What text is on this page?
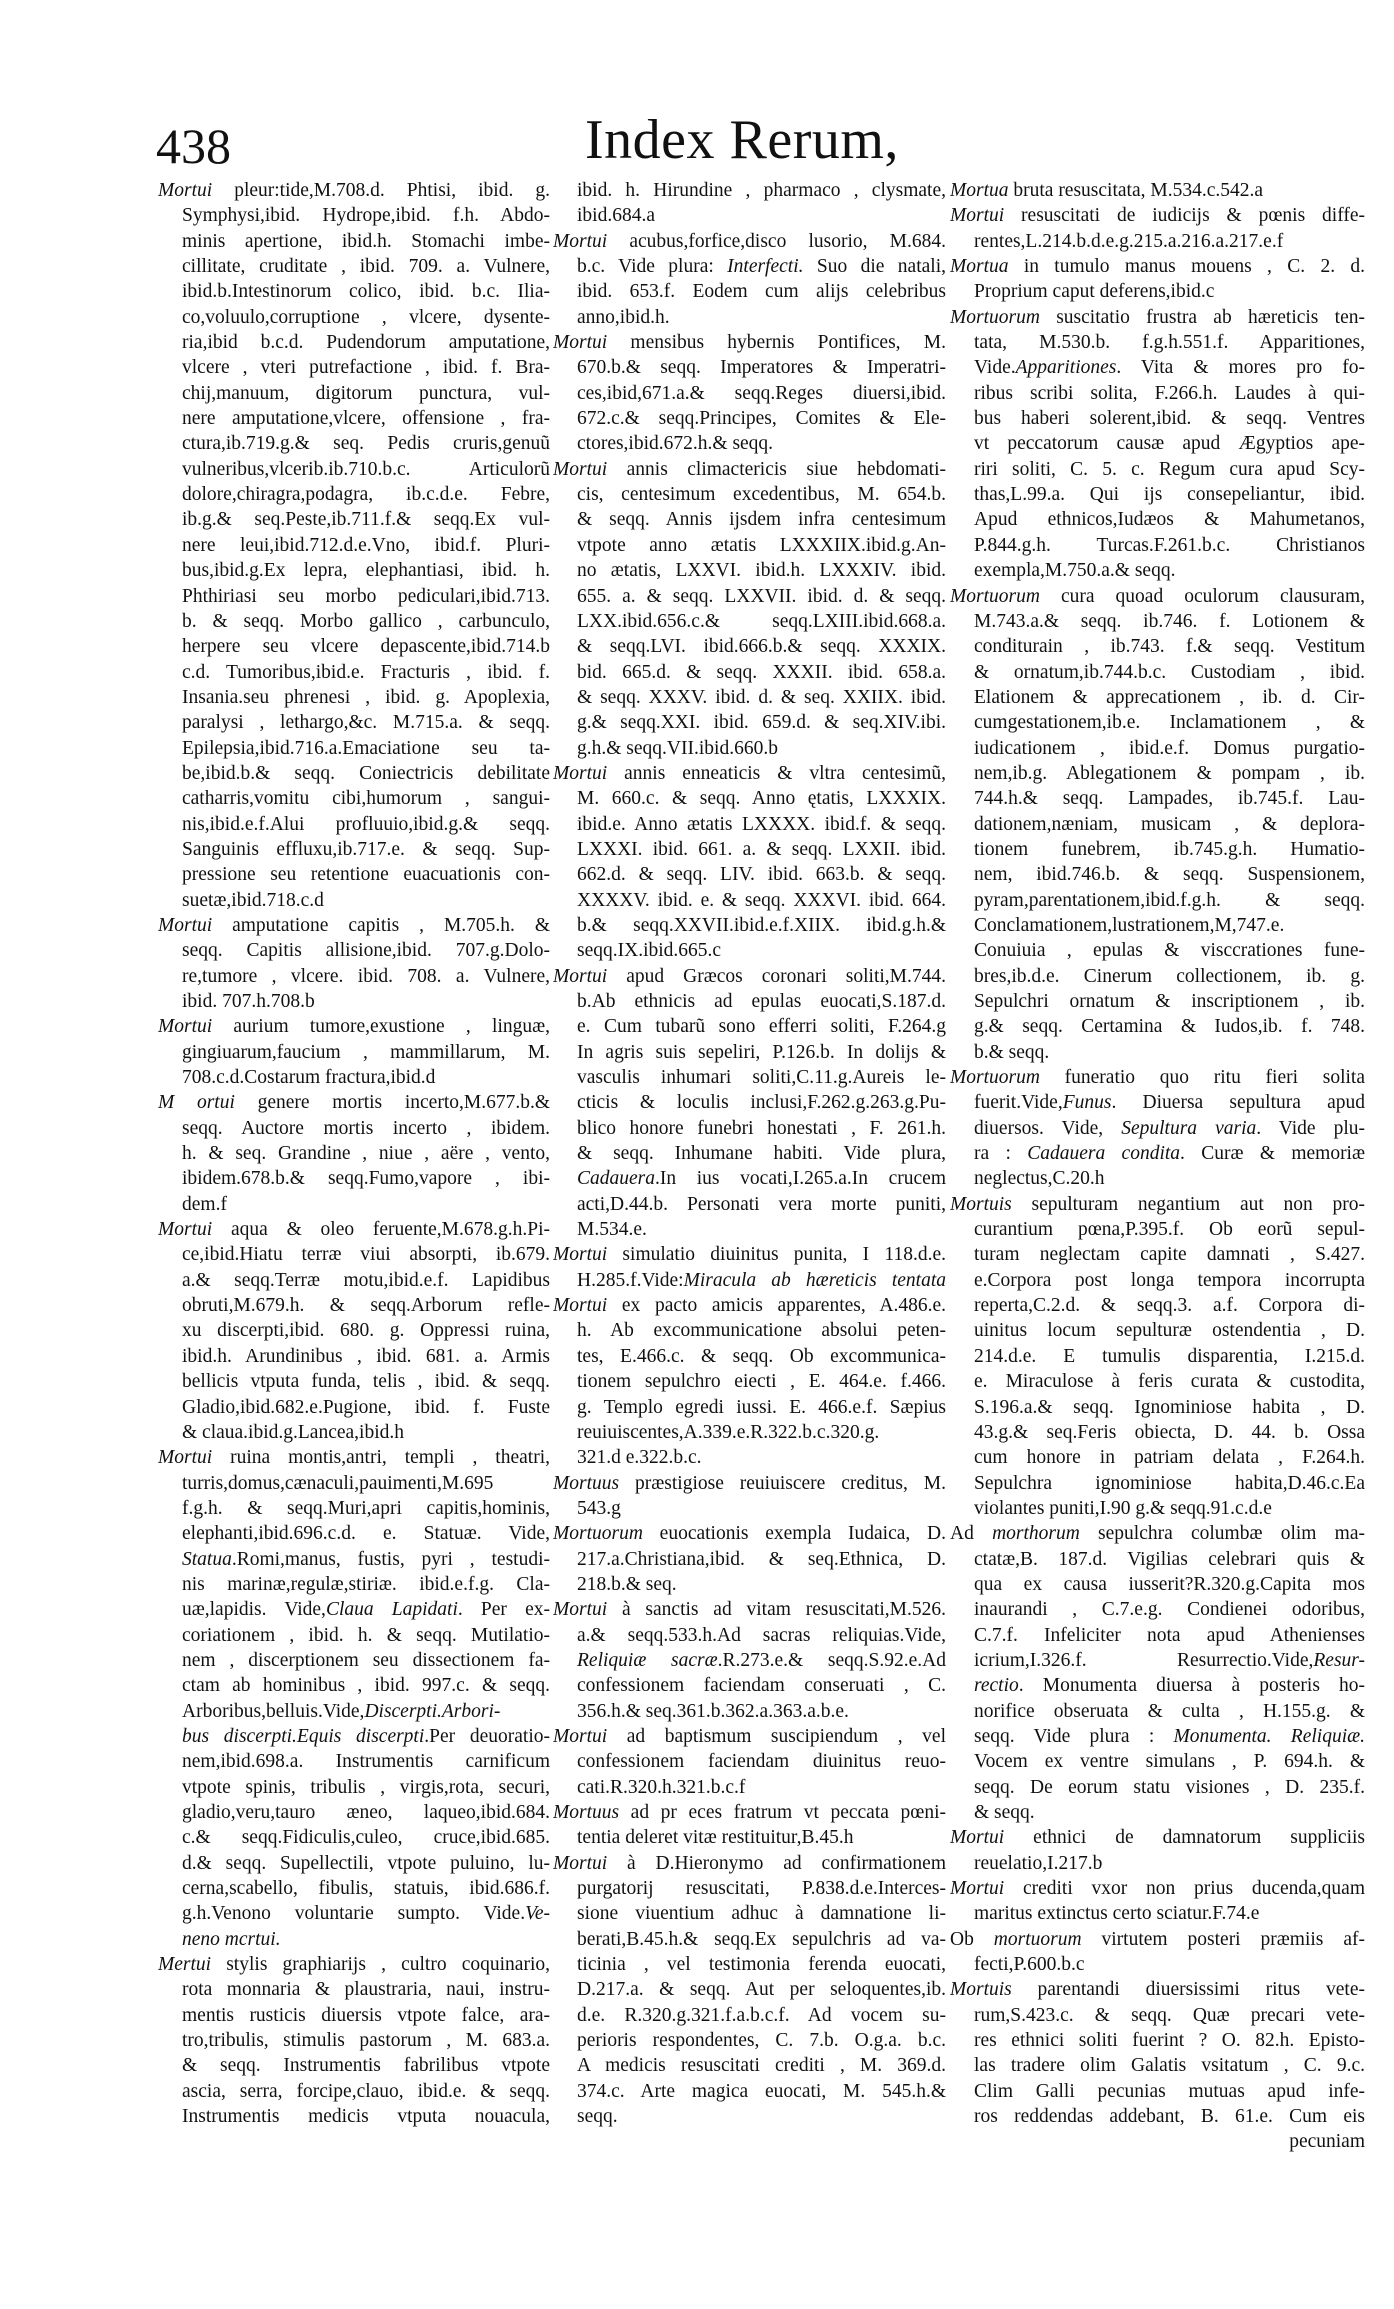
438	Index Rerum,
Mortui pleur:tide,M.708.d. Phtisi, ibid. g.
Symphysi,ibid. Hydrope,ibid. f.h. Abdo-
minis apertione, ibid.h. Stomachi imbe-
cillitate, cruditate , ibid. 709. a. Vulnere,
ibid.b.Intestinorum colico, ibid. b.c. Ilia-
co,voluulo,corruptione , vlcere, dysente-
ria,ibid b.c.d. Pudendorum amputatione,
vlcere , vteri putrefactione , ibid. f. Bra-
chij,manuum, digitorum punctura, vul-
nere amputatione,vlcere, offensione , fra-
ctura,ib.719.g.& seq. Pedis cruris,genuũ
vulneribus,vlcerib.ib.710.b.c. Articulorũ
dolore,chiragra,podagra, ib.c.d.e. Febre,
ib.g.& seq.Peste,ib.711.f.& seqq.Ex vul-
nere leui,ibid.712.d.e.Vno, ibid.f. Pluri-
bus,ibid.g.Ex lepra, elephantiasi, ibid. h.
Phthiriasi seu morbo pediculari,ibid.713.
b. & seqq. Morbo gallico , carbunculo,
herpere seu vlcere depascente,ibid.714.b
c.d. Tumoribus,ibid.e. Fracturis , ibid. f.
Insania.seu phrenesi , ibid. g. Apoplexia,
paralysi , lethargo,&c. M.715.a. & seqq.
Epilepsia,ibid.716.a.Emaciatione seu ta-
be,ibid.b.& seqq. Coniectricis debilitate
catharris,vomitu cibi,humorum , sangui-
nis,ibid.e.f.Alui profluuio,ibid.g.& seqq.
Sanguinis effluxu,ib.717.e. & seqq. Sup-
pressione seu retentione euacuationis con-
suetæ,ibid.718.c.d
Mortui amputatione capitis , M.705.h. &
seqq. Capitis allisione,ibid. 707.g.Dolo-
re,tumore , vlcere. ibid. 708. a. Vulnere,
ibid. 707.h.708.b
Mortui aurium tumore,exustione , linguæ,
gingiuarum,faucium , mammillarum, M.
708.c.d.Costarum fractura,ibid.d
M ortui genere mortis incerto,M.677.b.&
seqq. Auctore mortis incerto , ibidem.
h. & seq. Grandine , niue , aëre , vento,
ibidem.678.b.& seqq.Fumo,vapore , ibi-
dem.f
Mortui aqua & oleo feruente,M.678.g.h.Pi-
ce,ibid.Hiatu terræ viui absorpti, ib.679.
a.& seqq.Terræ motu,ibid.e.f. Lapidibus
obruti,M.679.h. & seqq.Arborum refle-
xu discerpti,ibid. 680. g. Oppressi ruina,
ibid.h. Arundinibus , ibid. 681. a. Armis
bellicis vtputa funda, telis , ibid. & seqq.
Gladio,ibid.682.e.Pugione, ibid. f. Fuste
& claua.ibid.g.Lancea,ibid.h
Mortui ruina montis,antri, templi , theatri,
turris,domus,cænaculi,pauimenti,M.695
f.g.h. & seqq.Muri,apri capitis,hominis,
elephanti,ibid.696.c.d. e. Statuæ. Vide,
Statua.Romi,manus, fustis, pyri , testudi-
nis marinæ,regulæ,stiriæ. ibid.e.f.g. Cla-
uæ,lapidis. Vide,Claua Lapidati. Per ex-
coriationem , ibid. h. & seqq. Mutilatio-
nem , discerptionem seu dissectionem fa-
ctam ab hominibus , ibid. 997.c. & seqq.
Arboribus,belluis.Vide,Discerpti.Arbori-
bus discerpti.Equis discerpti.Per deuoratio-
nem,ibid.698.a. Instrumentis carnificum
vtpote spinis, tribulis , virgis,rota, securi,
gladio,veru,tauro æneo, laqueo,ibid.684.
c.& seqq.Fidiculis,culeo, cruce,ibid.685.
d.& seqq. Supellectili, vtpote puluino, lu-
cerna,scabello, fibulis, statuis, ibid.686.f.
g.h.Venono voluntarie sumpto. Vide.Ve-
neno mcrtui.
Mertui stylis graphiarijs , cultro coquinario,
rota monnaria & plaustraria, naui, instru-
mentis rusticis diuersis vtpote falce, ara-
tro,tribulis, stimulis pastorum , M. 683.a.
& seqq. Instrumentis fabrilibus vtpote
ascia, serra, forcipe,clauo, ibid.e. & seqq.
Instrumentis medicis vtputa nouacula,
ibid. h. Hirundine , pharmaco , clysmate,
ibid.684.a
Mortui acubus,forfice,disco lusorio, M.684.
b.c. Vide plura: Interfecti. Suo die natali,
ibid. 653.f. Eodem cum alijs celebribus
anno,ibid.h.
Mortui mensibus hybernis Pontifices, M.
670.b.& seqq. Imperatores & Imperatri-
ces,ibid,671.a.& seqq.Reges diuersi,ibid.
672.c.& seqq.Principes, Comites & Ele-
ctores,ibid.672.h.& seqq.
Mortui annis climactericis siue hebdomati-
cis, centesimum excedentibus, M. 654.b.
& seqq. Annis ijsdem infra centesimum
vtpote anno ætatis LXXXIIX.ibid.g.An-
no ætatis, LXXVI. ibid.h. LXXXIV. ibid.
655. a. & seqq. LXXVII. ibid. d. & seqq.
LXX.ibid.656.c.& seqq.LXIII.ibid.668.a.
& seqq.LVI. ibid.666.b.& seqq. XXXIX.
bid. 665.d. & seqq. XXXII. ibid. 658.a.
& seqq. XXXV. ibid. d. & seq. XXIIX. ibid.
g.& seqq.XXI. ibid. 659.d. & seq.XIV.ibi.
g.h.& seqq.VII.ibid.660.b
Mortui annis enneaticis & vltra centesimũ,
M. 660.c. & seqq. Anno ętatis, LXXXIX.
ibid.e. Anno ætatis LXXXX. ibid.f. & seqq.
LXXXI. ibid. 661. a. & seqq. LXXII. ibid.
662.d. & seqq. LIV. ibid. 663.b. & seqq.
XXXXV. ibid. e. & seqq. XXXVI. ibid. 664.
b.& seqq.XXVII.ibid.e.f.XIIX. ibid.g.h.&
seqq.IX.ibid.665.c
Mortui apud Græcos coronari soliti,M.744.
b.Ab ethnicis ad epulas euocati,S.187.d.
e. Cum tubarũ sono efferri soliti, F.264.g
In agris suis sepeliri, P.126.b. In dolijs &
vasculis inhumari soliti,C.11.g.Aureis le-
cticis & loculis inclusi,F.262.g.263.g.Pu-
blico honore funebri honestati , F. 261.h.
& seqq. Inhumane habiti. Vide plura,
Cadauera.In ius vocati,I.265.a.In crucem
acti,D.44.b. Personati vera morte puniti,
M.534.e.
Mortui simulatio diuinitus punita, I 118.d.e.
H.285.f.Vide:Miracula ab hæreticis tentata
Mortui ex pacto amicis apparentes, A.486.e.
h. Ab excommunicatione absolui peten-
tes, E.466.c. & seqq. Ob excommunica-
tionem sepulchro eiecti , E. 464.e. f.466.
g. Templo egredi iussi. E. 466.e.f. Sæpius
reuiuiscentes,A.339.e.R.322.b.c.320.g.
321.d e.322.b.c.
Mortuus præstigiose reuiuiscere creditus, M.
543.g
Mortuorum euocationis exempla Iudaica, D.
217.a.Christiana,ibid. & seq.Ethnica, D.
218.b.& seq.
Mortui à sanctis ad vitam resuscitati,M.526.
a.& seqq.533.h.Ad sacras reliquias.Vide,
Reliquiæ sacræ.R.273.e.& seqq.S.92.e.Ad
confessionem faciendam conseruati , C.
356.h.& seq.361.b.362.a.363.a.b.e.
Mortui ad baptismum suscipiendum , vel
confessionem faciendam diuinitus reuo-
cati.R.320.h.321.b.c.f
Mortuus ad pr eces fratrum vt peccata pœni-
tentia deleret vitæ restituitur,B.45.h
Mortui à D.Hieronymo ad confirmationem
purgatorij resuscitati, P.838.d.e.Interces-
sione viuentium adhuc à damnatione li-
berati,B.45.h.& seqq.Ex sepulchris ad va-
ticinia , vel testimonia ferenda euocati,
D.217.a. & seqq. Aut per seloquentes,ib.
d.e. R.320.g.321.f.a.b.c.f. Ad vocem su-
perioris respondentes, C. 7.b. O.g.a. b.c.
A medicis resuscitati crediti , M. 369.d.
374.c. Arte magica euocati, M. 545.h.&
seqq.
Mortua bruta resuscitata, M.534.c.542.a
Mortui resuscitati de iudicijs & pœnis diffe-
rentes,L.214.b.d.e.g.215.a.216.a.217.e.f
Mortua in tumulo manus mouens , C. 2. d.
Proprium caput deferens,ibid.c
Mortuorum suscitatio frustra ab hæreticis ten-
tata, M.530.b. f.g.h.551.f. Apparitiones,
Vide.Apparitiones. Vita & mores pro fo-
ribus scribi solita, F.266.h. Laudes à qui-
bus haberi solerent,ibid. & seqq. Ventres
vt peccatorum causæ apud Ægyptios ape-
riri soliti, C. 5. c. Regum cura apud Scy-
thas,L.99.a. Qui ijs consepeliantur, ibid.
Apud ethnicos,Iudæos & Mahumetanos,
P.844.g.h. Turcas.F.261.b.c. Christianos
exempla,M.750.a.& seqq.
Mortuorum cura quoad oculorum clausuram,
M.743.a.& seqq. ib.746. f. Lotionem &
conditurain , ib.743. f.& seqq. Vestitum
& ornatum,ib.744.b.c. Custodiam , ibid.
Elationem & apprecationem , ib. d. Cir-
cumgestationem,ib.e. Inclamationem , &
iudicationem , ibid.e.f. Domus purgatio-
nem,ib.g. Ablegationem & pompam , ib.
744.h.& seqq. Lampades, ib.745.f. Lau-
dationem,næniam, musicam , & deplora-
tionem funebrem, ib.745.g.h. Humatio-
nem, ibid.746.b. & seqq. Suspensionem,
pyram,parentationem,ibid.f.g.h. & seqq.
Conclamationem,lustrationem,M,747.e.
Conuiuia , epulas & visccrationes fune-
bres,ib.d.e. Cinerum collectionem, ib. g.
Sepulchri ornatum & inscriptionem , ib.
g.& seqq. Certamina & Iudos,ib. f. 748.
b.& seqq.
Mortuorum funeratio quo ritu fieri solita
fuerit.Vide,Funus. Diuersa sepultura apud
diuersos. Vide, Sepultura varia. Vide plu-
ra : Cadauera condita. Curæ & memoriæ
neglectus,C.20.h
Mortuis sepulturam negantium aut non pro-
curantium pœna,P.395.f. Ob eorũ sepul-
turam neglectam capite damnati , S.427.
e.Corpora post longa tempora incorrupta
reperta,C.2.d. & seqq.3. a.f. Corpora di-
uinitus locum sepulturæ ostendentia , D.
214.d.e. E tumulis disparentia, I.215.d.
e. Miraculose à feris curata & custodita,
S.196.a.& seqq. Ignominiose habita , D.
43.g.& seq.Feris obiecta, D. 44. b. Ossa
cum honore in patriam delata , F.264.h.
Sepulchra ignominiose habita,D.46.c.Ea
violantes puniti,I.90 g.& seqq.91.c.d.e
Ad morthorum sepulchra columbæ olim ma-
ctatæ,B. 187.d. Vigilias celebrari quis &
qua ex causa iusserit?R.320.g.Capita mos
inaurandi , C.7.e.g. Condienei odoribus,
C.7.f. Infeliciter nota apud Athenienses
icrium,I.326.f. Resurrectio.Vide,Resur-
rectio. Monumenta diuersa à posteris ho-
norifice obseruata & culta , H.155.g. &
seqq. Vide plura : Monumenta. Reliquiæ.
Vocem ex ventre simulans , P. 694.h. &
seqq. De eorum statu visiones , D. 235.f.
& seqq.
Mortui ethnici de damnatorum suppliciis
reuelatio,I.217.b
Mortui crediti vxor non prius ducenda,quam
maritus extinctus certo sciatur.F.74.e
Ob mortuorum virtutem posteri præmiis af-
fecti,P.600.b.c
Mortuis parentandi diuersissimi ritus vete-
rum,S.423.c. & seqq. Quæ precari vete-
res ethnici soliti fuerint ? O. 82.h. Episto-
las tradere olim Galatis vsitatum , C. 9.c.
Clim Galli pecunias mutuas apud infe-
ros reddendas addebant, B. 61.e. Cum eis
pecuniam
